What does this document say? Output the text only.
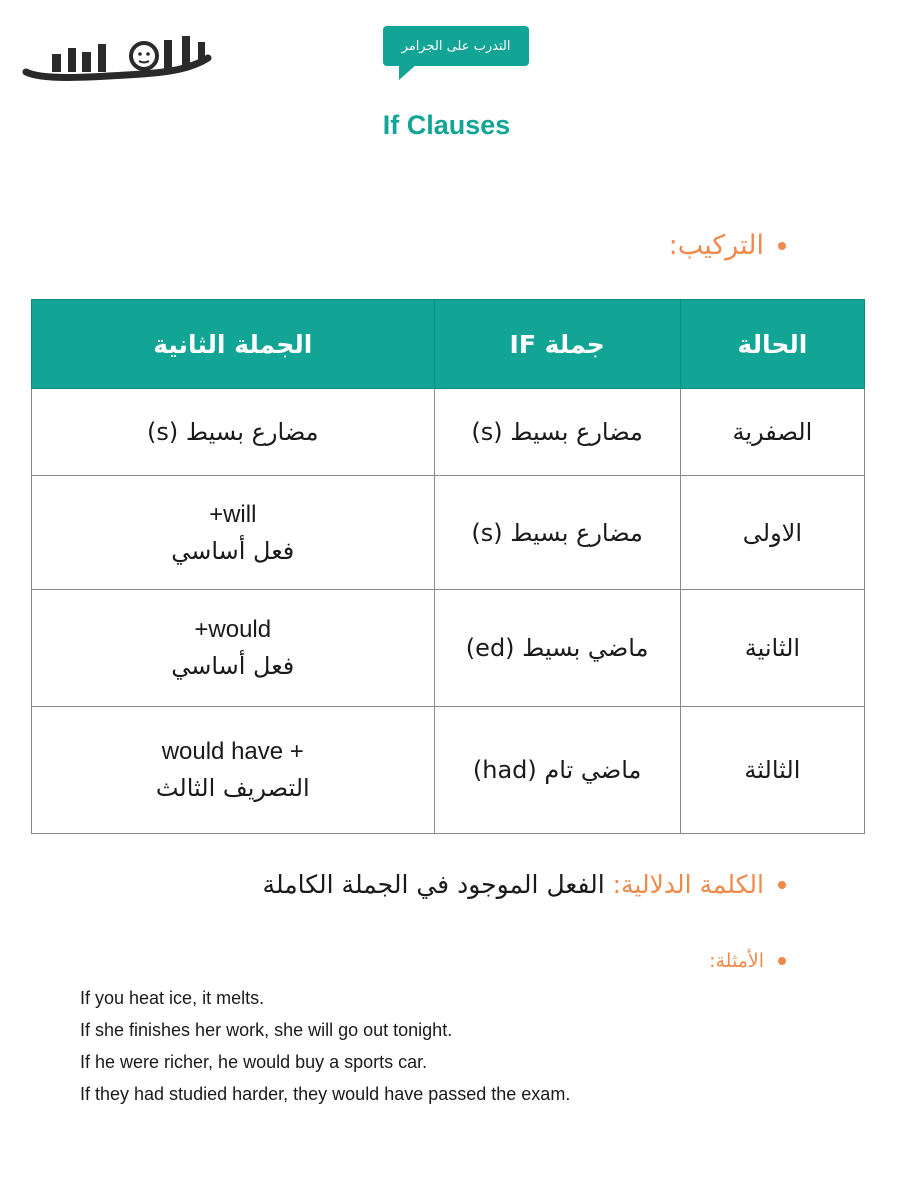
التدرب على الجرامر
If Clauses
التركيب:
الحالة	جملة IF	الجملة الثانية
الصفرية	مضارع بسيط (s)	مضارع بسيط (s)

الاولى	مضارع بسيط (s)	+will
فعل أساسي

الثانية	ماضي بسيط (ed)	+would
فعل أساسي

الثالثة	ماضي تام (had)	would have +
التصريف الثالث
الكلمة الدلالية: الفعل الموجود في الجملة الكاملة
الأمثلة:
If you heat ice, it melts.
If she finishes her work, she will go out tonight.
If he were richer, he would buy a sports car.
If they had studied harder, they would have passed the exam.
